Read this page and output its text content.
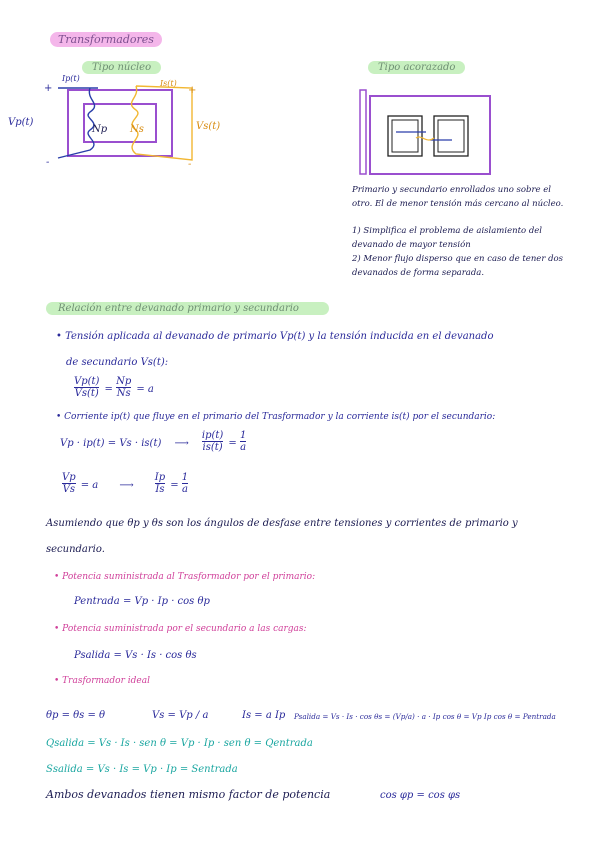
Transformadores
Tipo núcleo
Vp(t)	Vs(t)
Ip(t)
Is(t)
Np Ns
+
-
+
-
Tipo acorazado
Primario y secundario enrollados uno sobre el otro. El de menor tensión más cercano al núcleo.
1) Simplifica el problema de aislamiento del devanado de mayor tensión
2) Menor flujo disperso que en caso de tener dos devanados de forma separada.
Relación entre devanado primario y secundario
• Tensión aplicada al devanado de primario Vp(t) y la tensión inducida en el devanado
de secundario Vs(t):
$\frac{Vp(t)}{Vs(t)} = \frac{Np}{Ns} = a$
• Corriente ip(t) que fluye en el primario del Trasformador y la corriente is(t) por el secundario:
Vp · ip(t) = Vs · is(t) ⟶ $\frac{ip(t)}{is(t)} = \frac{1}{a}$
$\frac{Vp}{Vs} = a$ ⟶ $\frac{Ip}{Is} = \frac{1}{a}$
Asumiendo que θp y θs son los ángulos de desfase entre tensiones y corrientes de primario y
secundario.
• Potencia suministrada al Trasformador por el primario:
Pentrada = Vp · Ip · cos θp
• Potencia suministrada por el secundario a las cargas:
Psalida = Vs · Is · cos θs
• Trasformador ideal
θp = θs = θ	Vs = Vp / a	Is = a Ip Psalida = Vs · Is · cos θs = (Vp/a) · a · Ip cos θ = Vp Ip cos θ = Pentrada
Qsalida = Vs · Is · sen θ = Vp · Ip · sen θ = Qentrada
Ssalida = Vs · Is = Vp · Ip = Sentrada
Ambos devanados tienen mismo factor de potencia	cos φp = cos φs
